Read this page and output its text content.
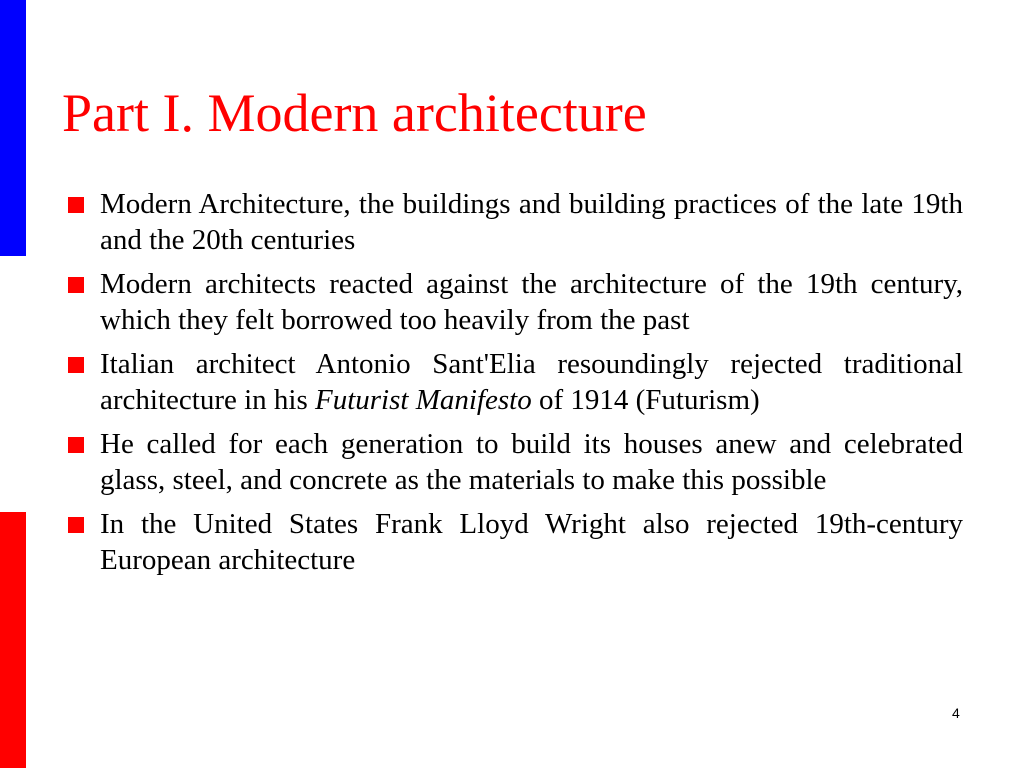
Part I. Modern architecture
Modern Architecture, the buildings and building practices of the late 19th and the 20th centuries
Modern architects reacted against the architecture of the 19th century, which they felt borrowed too heavily from the past
Italian architect Antonio Sant'Elia resoundingly rejected traditional architecture in his Futurist Manifesto of 1914 (Futurism)
He called for each generation to build its houses anew and celebrated glass, steel, and concrete as the materials to make this possible
In the United States Frank Lloyd Wright also rejected 19th-century European architecture
4
